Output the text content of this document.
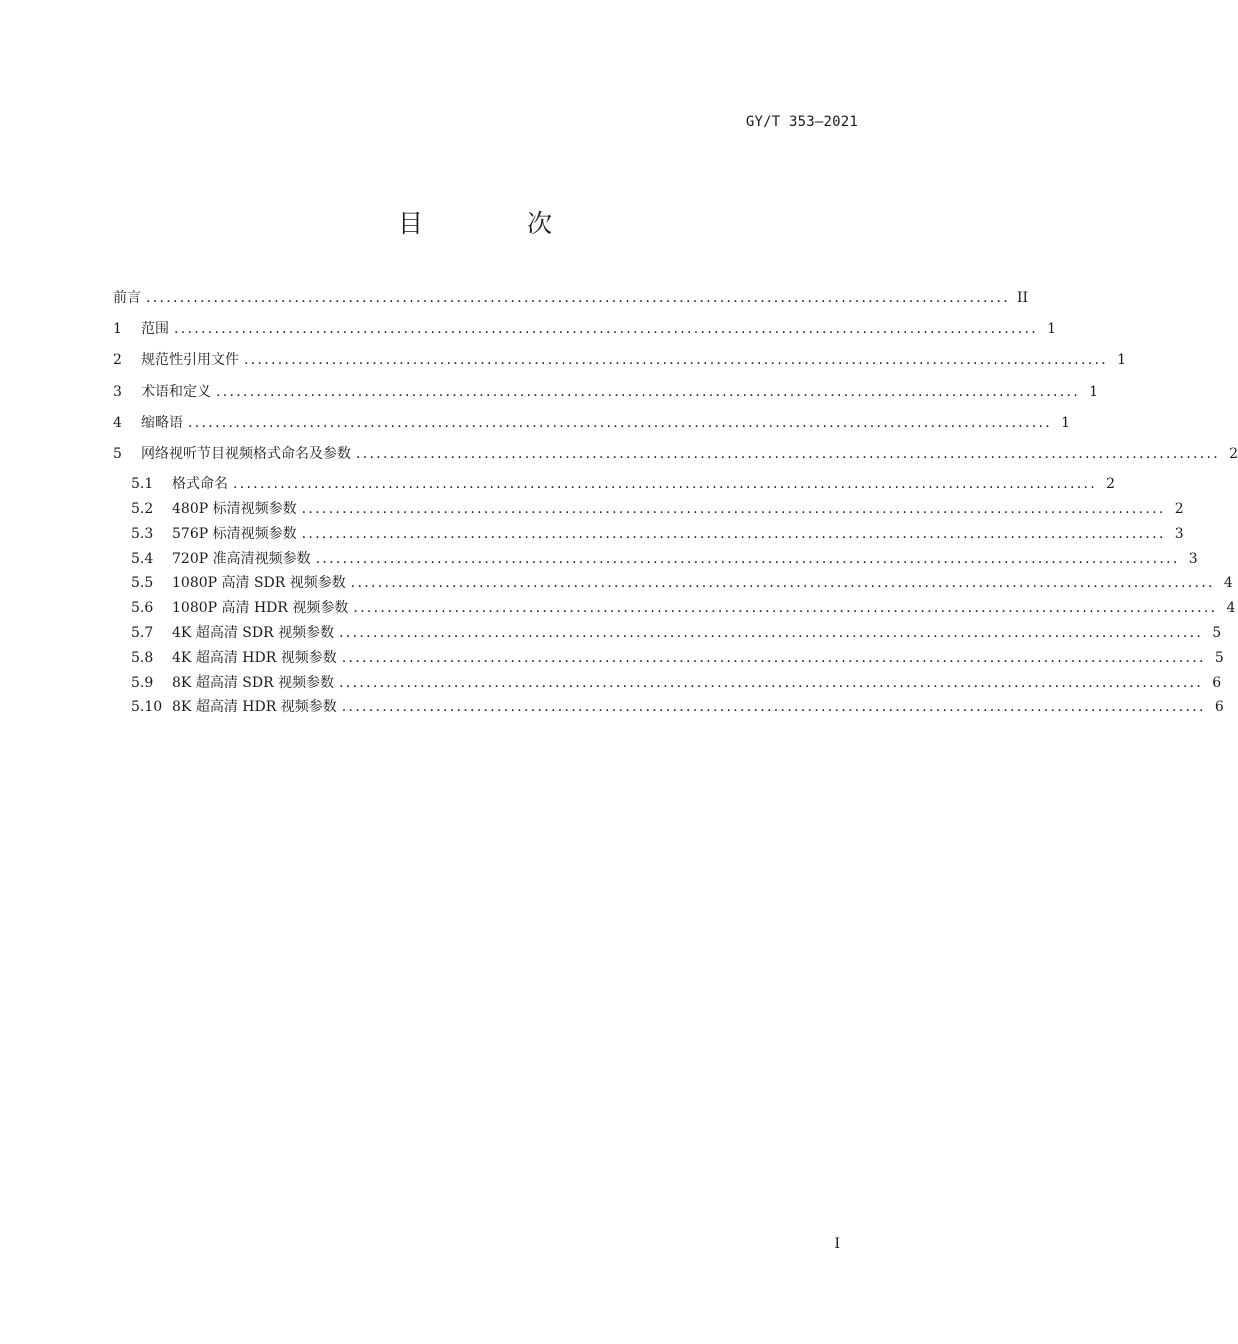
GY/T 353—2021
目 次
前言 ................................................................................................................................ II
1	范围 ................................................................................................................................ 1
2	规范性引用文件 ................................................................................................................................ 1
3	术语和定义 ................................................................................................................................ 1
4	缩略语 ................................................................................................................................ 1
5	网络视听节目视频格式命名及参数 ................................................................................................................................ 2
5.1	格式命名 ................................................................................................................................ 2
5.2	480P 标清视频参数 ................................................................................................................................ 2
5.3	576P 标清视频参数 ................................................................................................................................ 3
5.4	720P 准高清视频参数 ................................................................................................................................ 3
5.5	1080P 高清 SDR 视频参数 ................................................................................................................................ 4
5.6	1080P 高清 HDR 视频参数 ................................................................................................................................ 4
5.7	4K 超高清 SDR 视频参数 ................................................................................................................................ 5
5.8	4K 超高清 HDR 视频参数 ................................................................................................................................ 5
5.9	8K 超高清 SDR 视频参数 ................................................................................................................................ 6
5.10 8K 超高清 HDR 视频参数 ................................................................................................................................ 6
I
